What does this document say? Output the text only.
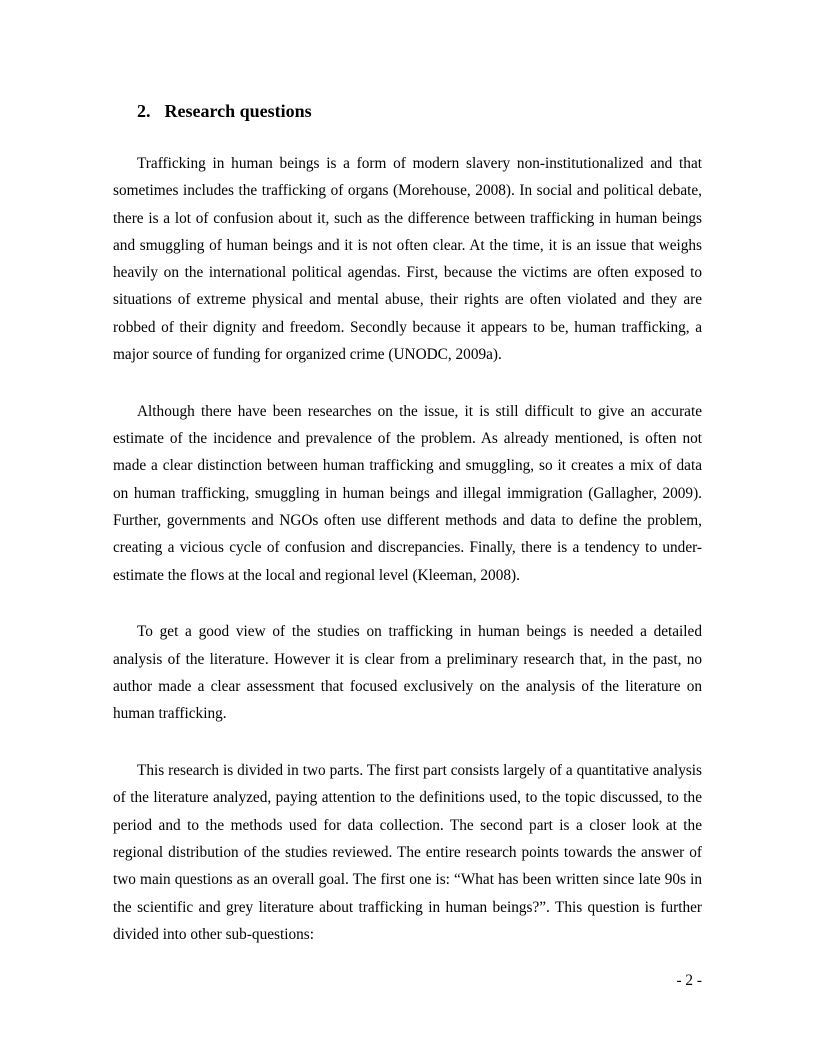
2. Research questions

Trafficking in human beings is a form of modern slavery non-institutionalized and that sometimes includes the trafficking of organs (Morehouse, 2008). In social and political debate, there is a lot of confusion about it, such as the difference between trafficking in human beings and smuggling of human beings and it is not often clear. At the time, it is an issue that weighs heavily on the international political agendas. First, because the victims are often exposed to situations of extreme physical and mental abuse, their rights are often violated and they are robbed of their dignity and freedom. Secondly because it appears to be, human trafficking, a major source of funding for organized crime (UNODC, 2009a).

Although there have been researches on the issue, it is still difficult to give an accurate estimate of the incidence and prevalence of the problem. As already mentioned, is often not made a clear distinction between human trafficking and smuggling, so it creates a mix of data on human trafficking, smuggling in human beings and illegal immigration (Gallagher, 2009). Further, governments and NGOs often use different methods and data to define the problem, creating a vicious cycle of confusion and discrepancies. Finally, there is a tendency to under-estimate the flows at the local and regional level (Kleeman, 2008).

To get a good view of the studies on trafficking in human beings is needed a detailed analysis of the literature. However it is clear from a preliminary research that, in the past, no author made a clear assessment that focused exclusively on the analysis of the literature on human trafficking.

This research is divided in two parts. The first part consists largely of a quantitative analysis of the literature analyzed, paying attention to the definitions used, to the topic discussed, to the period and to the methods used for data collection. The second part is a closer look at the regional distribution of the studies reviewed. The entire research points towards the answer of two main questions as an overall goal. The first one is: “What has been written since late 90s in the scientific and grey literature about trafficking in human beings?”. This question is further divided into other sub-questions:

- 2 -
